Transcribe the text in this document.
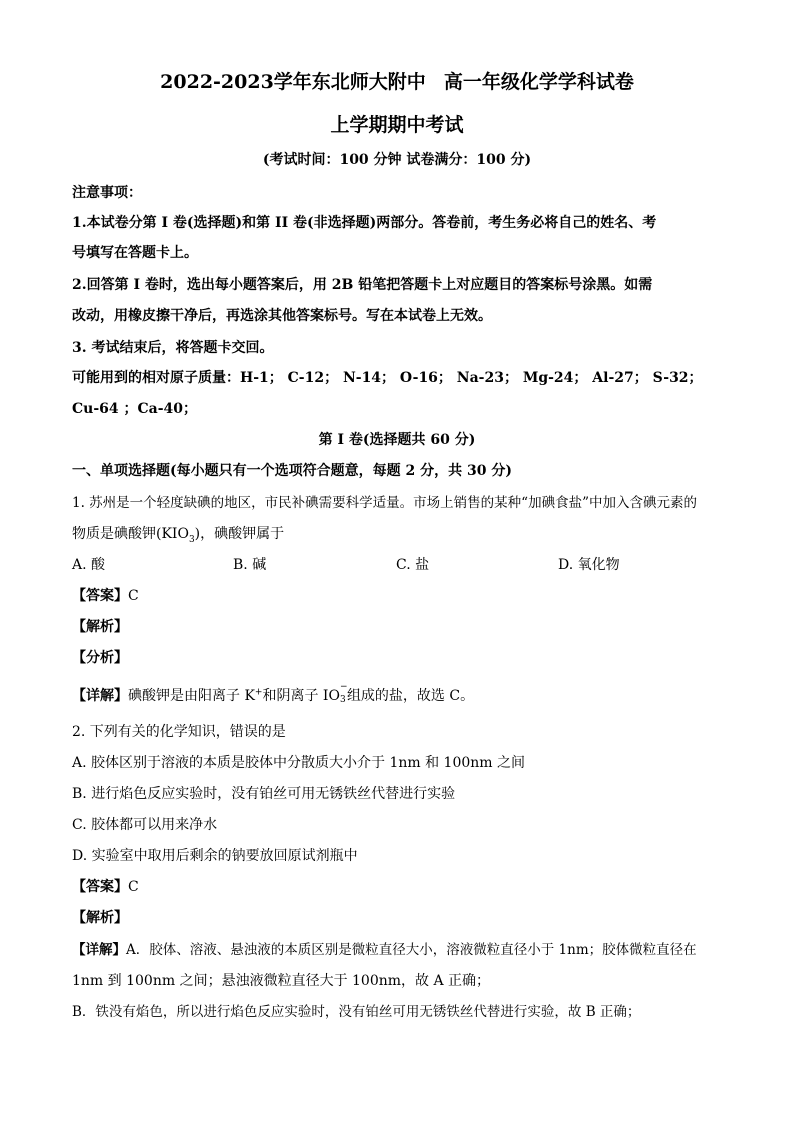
2022-2023学年东北师大附中 高一年级化学学科试卷
上学期期中考试
(考试时间：100 分钟 试卷满分：100 分)
注意事项：
1.本试卷分第 I 卷(选择题)和第 II 卷(非选择题)两部分。答卷前，考生务必将自己的姓名、考
号填写在答题卡上。
2.回答第 I 卷时，选出每小题答案后，用 2B 铅笔把答题卡上对应题目的答案标号涂黑。如需
改动，用橡皮擦干净后，再选涂其他答案标号。写在本试卷上无效。
3. 考试结束后，将答题卡交回。
可能用到的相对原子质量：H-1； C-12； N-14； O-16； Na-23； Mg-24； Al-27； S-32；
Cu-64 ；Ca-40；
第 I 卷(选择题共 60 分)
一、单项选择题(每小题只有一个选项符合题意，每题 2 分，共 30 分)
1. 苏州是一个轻度缺碘的地区，市民补碘需要科学适量。市场上销售的某种“加碘食盐”中加入含碘元素的
物质是碘酸钾$(KIO_3)$，碘酸钾属于
A. 酸	B. 碱	C. 盐	D. 氧化物
【答案】C
【解析】
【分析】
【详解】碘酸钾是由阳离子 K+和阴离子 IO
−
3 组成的盐，故选 C。
2. 下列有关的化学知识，错误的是
A. 胶体区别于溶液的本质是胶体中分散质大小介于 1nm 和 100nm 之间
B. 进行焰色反应实验时，没有铂丝可用无锈铁丝代替进行实验
C. 胶体都可以用来净水
D. 实验室中取用后剩余的钠要放回原试剂瓶中
【答案】C
【解析】
【详解】A．胶体、溶液、悬浊液的本质区别是微粒直径大小，溶液微粒直径小于 1nm；胶体微粒直径在
1nm 到 100nm 之间；悬浊液微粒直径大于 100nm，故 A 正确；
B．铁没有焰色，所以进行焰色反应实验时，没有铂丝可用无锈铁丝代替进行实验，故 B 正确；
